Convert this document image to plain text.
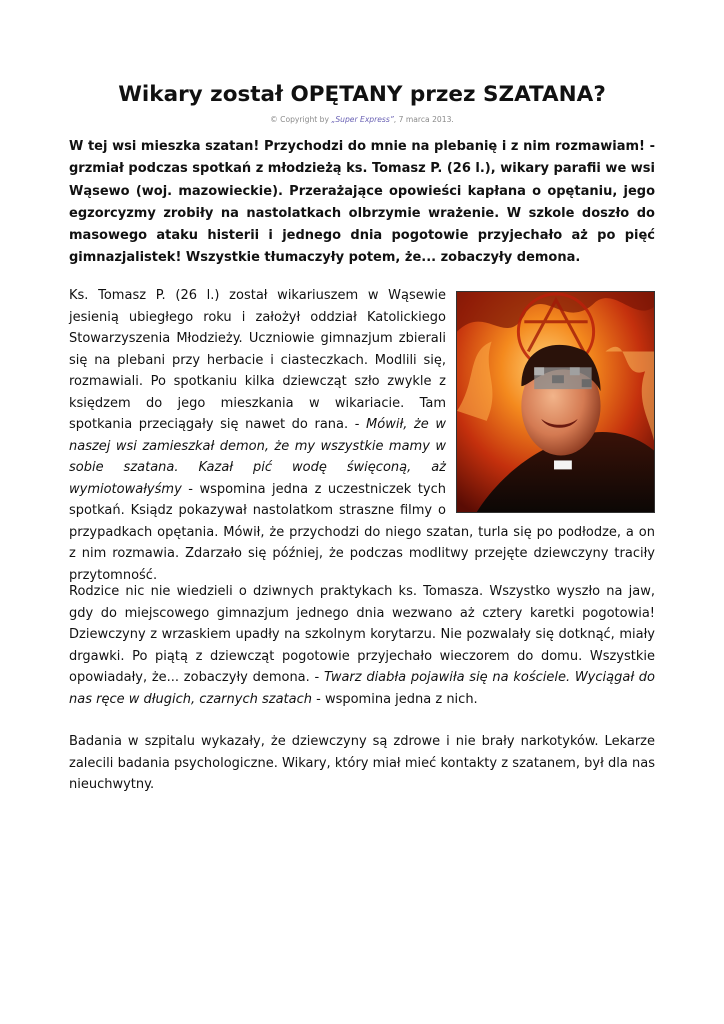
Wikary został OPĘTANY przez SZATANA?
© Copyright by „Super Express”, 7 marca 2013.

W tej wsi mieszka szatan! Przychodzi do mnie na plebanię i z nim rozmawiam! - grzmiał podczas spotkań z młodzieżą ks. Tomasz P. (26 l.), wikary parafii we wsi Wąsewo (woj. mazowieckie). Przerażające opowieści kapłana o opętaniu, jego egzorcyzmy zrobiły na nastolatkach olbrzymie wrażenie. W szkole doszło do masowego ataku histerii i jednego dnia pogotowie przyjechało aż po pięć gimnazjalistek! Wszystkie tłumaczyły potem, że... zobaczyły demona.

Ks. Tomasz P. (26 l.) został wikariuszem w Wąsewie jesienią ubiegłego roku i założył oddział Katolickiego Stowarzyszenia Młodzieży. Uczniowie gimnazjum zbierali się na plebani przy herbacie i ciasteczkach. Modlili się, rozmawiali. Po spotkaniu kilka dziewcząt szło zwykle z księdzem do jego mieszkania w wikariacie. Tam spotkania przeciągały się nawet do rana. - Mówił, że w naszej wsi zamieszkał demon, że my wszystkie mamy w sobie szatana. Kazał pić wodę święconą, aż wymiotowałyśmy - wspomina jedna z uczestniczek tych spotkań. Ksiądz pokazywał nastolatkom straszne filmy o przypadkach opętania. Mówił, że przychodzi do niego szatan, turla się po podłodze, a on z nim rozmawia. Zdarzało się później, że podczas modlitwy przejęte dziewczyny traciły przytomność.

Rodzice nic nie wiedzieli o dziwnych praktykach ks. Tomasza. Wszystko wyszło na jaw, gdy do miejscowego gimnazjum jednego dnia wezwano aż cztery karetki pogotowia! Dziewczyny z wrzaskiem upadły na szkolnym korytarzu. Nie pozwalały się dotknąć, miały drgawki. Po piątą z dziewcząt pogotowie przyjechało wieczorem do domu. Wszystkie opowiadały, że... zobaczyły demona. - Twarz diabła pojawiła się na kościele. Wyciągał do nas ręce w długich, czarnych szatach - wspomina jedna z nich.

Badania w szpitalu wykazały, że dziewczyny są zdrowe i nie brały narkotyków. Lekarze zalecili badania psychologiczne. Wikary, który miał mieć kontakty z szatanem, był dla nas nieuchwytny.
